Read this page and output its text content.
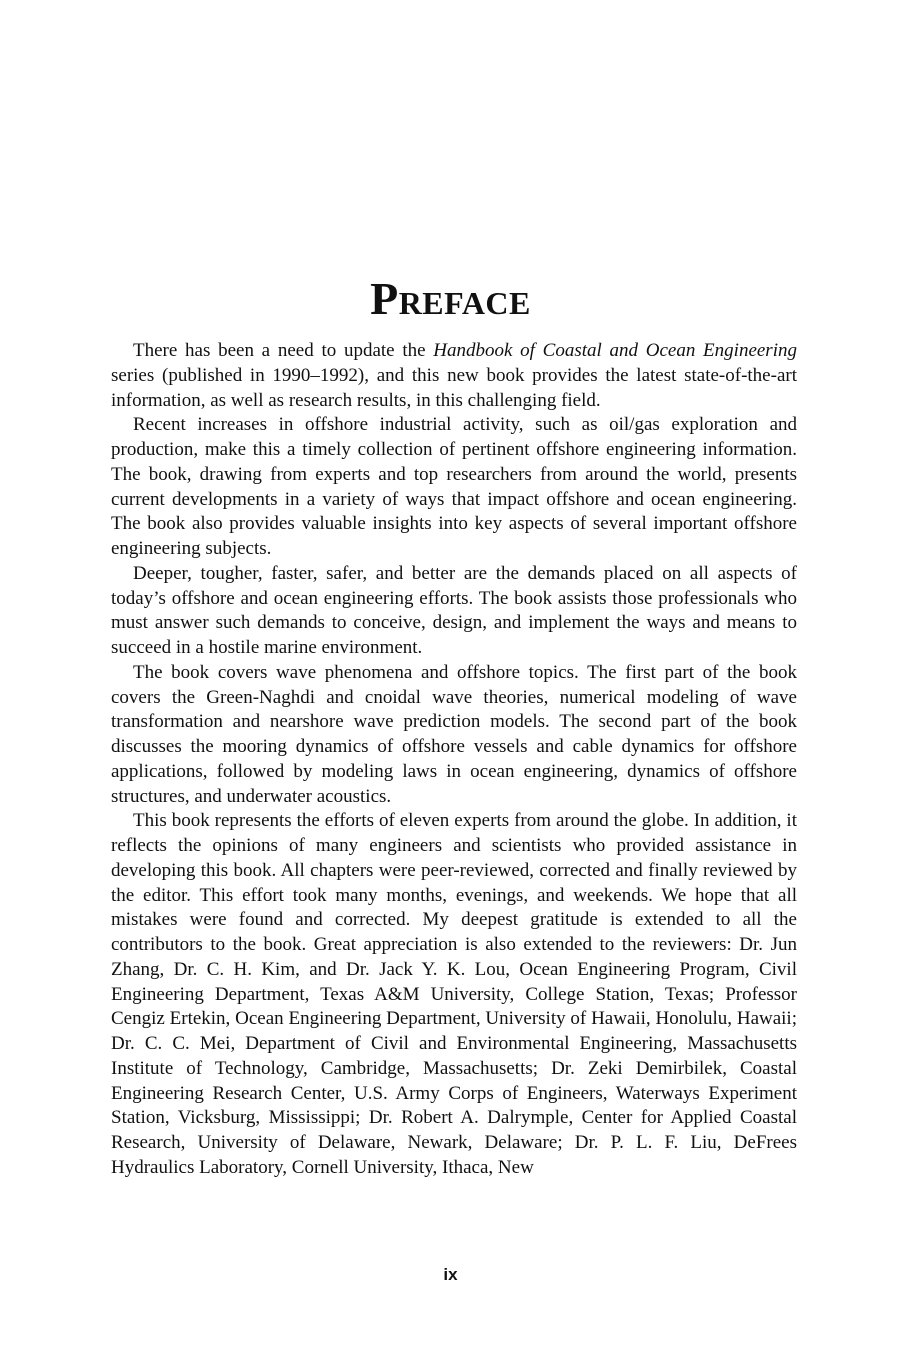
Preface

There has been a need to update the Handbook of Coastal and Ocean Engineering series (published in 1990–1992), and this new book provides the latest state-of-the-art information, as well as research results, in this challenging field.

Recent increases in offshore industrial activity, such as oil/gas exploration and production, make this a timely collection of pertinent offshore engineering information. The book, drawing from experts and top researchers from around the world, presents current developments in a variety of ways that impact offshore and ocean engineering. The book also provides valuable insights into key aspects of several important offshore engineering subjects.

Deeper, tougher, faster, safer, and better are the demands placed on all aspects of today’s offshore and ocean engineering efforts. The book assists those professionals who must answer such demands to conceive, design, and implement the ways and means to succeed in a hostile marine environment.

The book covers wave phenomena and offshore topics. The first part of the book covers the Green-Naghdi and cnoidal wave theories, numerical modeling of wave transformation and nearshore wave prediction models. The second part of the book discusses the mooring dynamics of offshore vessels and cable dynamics for offshore applications, followed by modeling laws in ocean engineering, dynamics of offshore structures, and underwater acoustics.

This book represents the efforts of eleven experts from around the globe. In addition, it reflects the opinions of many engineers and scientists who provided assistance in developing this book. All chapters were peer-reviewed, corrected and finally reviewed by the editor. This effort took many months, evenings, and weekends. We hope that all mistakes were found and corrected. My deepest gratitude is extended to all the contributors to the book. Great appreciation is also extended to the reviewers: Dr. Jun Zhang, Dr. C. H. Kim, and Dr. Jack Y. K. Lou, Ocean Engineering Program, Civil Engineering Department, Texas A&M University, College Station, Texas; Professor Cengiz Ertekin, Ocean Engineering Department, University of Hawaii, Honolulu, Hawaii; Dr. C. C. Mei, Department of Civil and Environmental Engineering, Massachusetts Institute of Technology, Cambridge, Massachusetts; Dr. Zeki Demirbilek, Coastal Engineering Research Center, U.S. Army Corps of Engineers, Waterways Experiment Station, Vicksburg, Mississippi; Dr. Robert A. Dalrymple, Center for Applied Coastal Research, University of Delaware, Newark, Delaware; Dr. P. L. F. Liu, DeFrees Hydraulics Laboratory, Cornell University, Ithaca, New

ix
